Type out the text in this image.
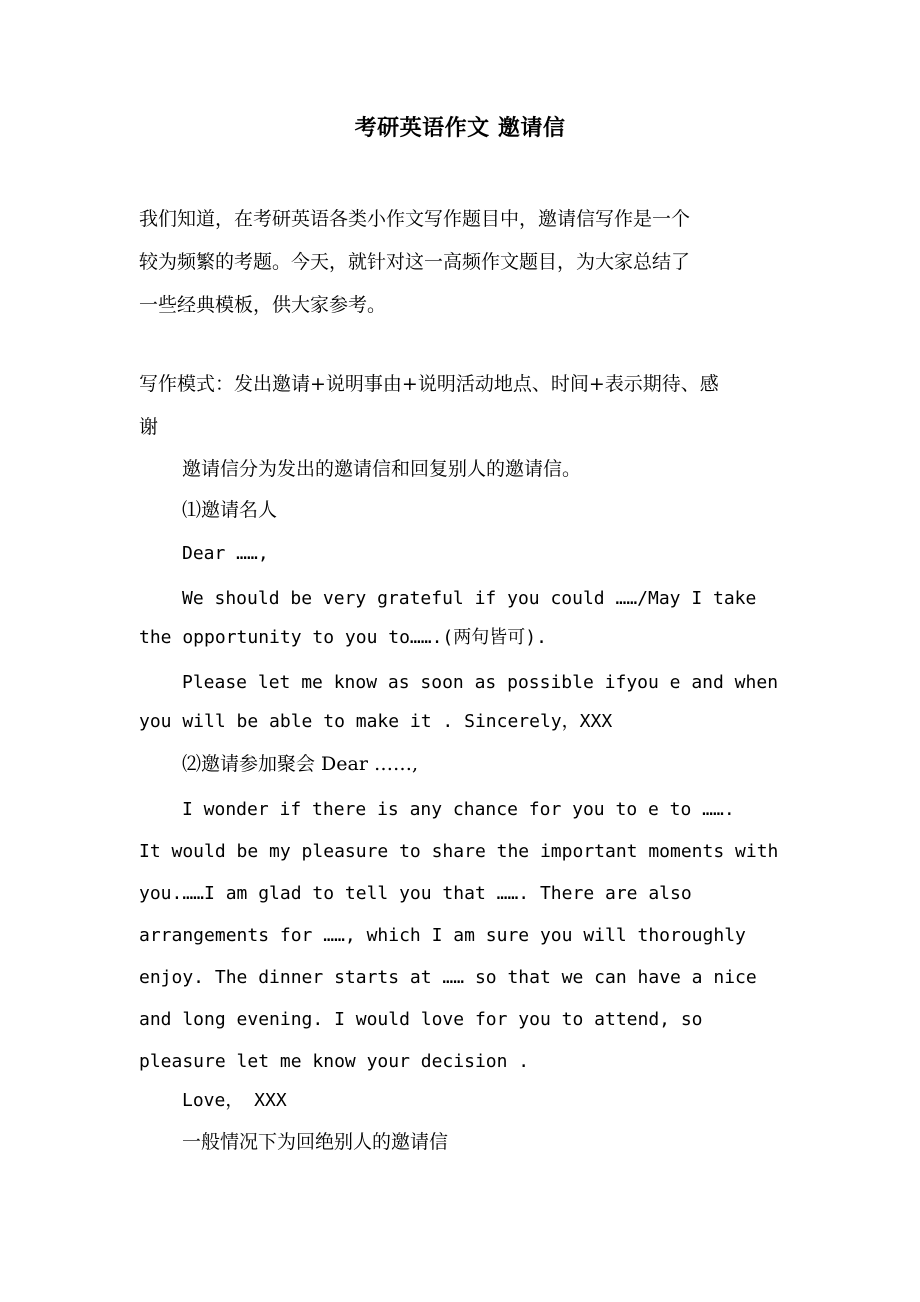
考研英语作文 邀请信
我们知道，在考研英语各类小作文写作题目中，邀请信写作是一个
较为频繁的考题。今天，就针对这一高频作文题目，为大家总结了
一些经典模板，供大家参考。
写作模式：发出邀请+说明事由+说明活动地点、时间+表示期待、感
谢
邀请信分为发出的邀请信和回复别人的邀请信。
⑴邀请名人
Dear ……,
We should be very grateful if you could ……/May I take
the opportunity to you to…….(两句皆可).
Please let me know as soon as possible ifyou e and when
you will be able to make it . Sincerely，XXX
⑵邀请参加聚会 Dear ……,
I wonder if there is any chance for you to e to …….
It would be my pleasure to share the important moments with
you.……I am glad to tell you that ……. There are also
arrangements for ……, which I am sure you will thoroughly
enjoy. The dinner starts at …… so that we can have a nice
and long evening. I would love for you to attend, so
pleasure let me know your decision .
Love， XXX
一般情况下为回绝别人的邀请信
